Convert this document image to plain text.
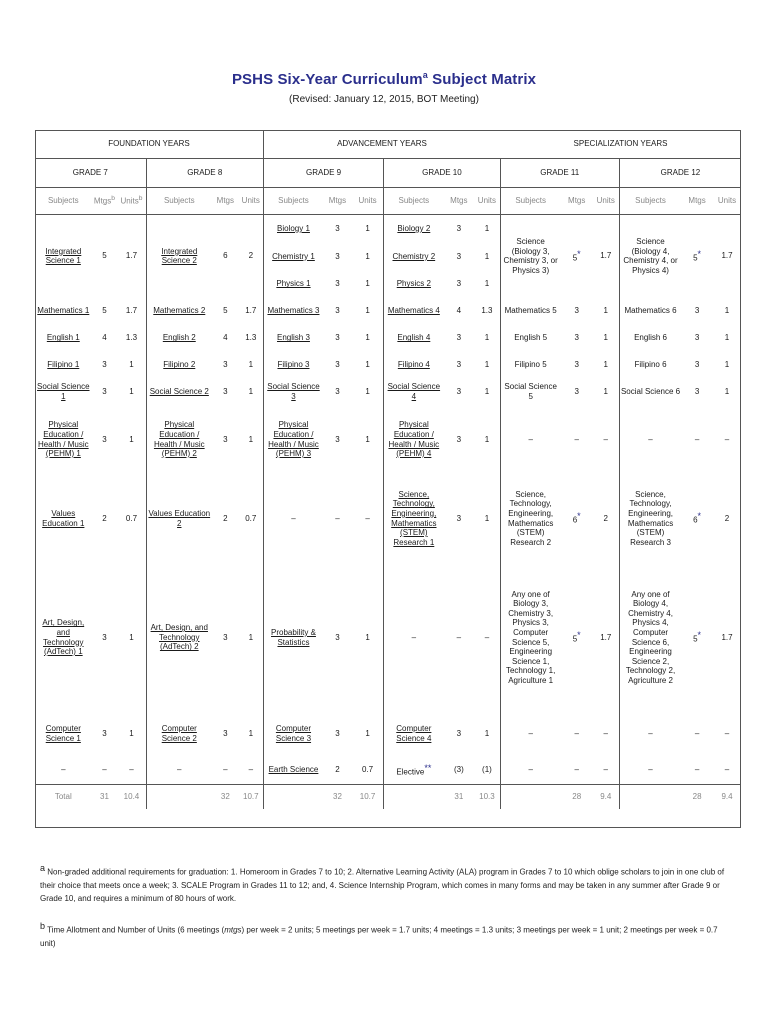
PSHS Six-Year Curriculum$^a$ Subject Matrix
(Revised: January 12, 2015, BOT Meeting)
FOUNDATION YEARS						ADVANCEMENT YEARS						SPECIALIZATION YEARS					
GRADE 7			GRADE 8			GRADE 9			GRADE 10			GRADE 11			GRADE 12		
Subjects	Mtgs$^b$	Units$^b$	Subjects	Mtgs	Units	Subjects	Mtgs	Units	Subjects	Mtgs	Units	Subjects	Mtgs	Units	Subjects	Mtgs	Units
Integrated Science 1	5	1.7	Integrated Science 2	6	2	Biology 1	3	1	Biology 2	3	1	Science (Biology 3, Chemistry 3, or Physics 3)	5*	1.7	Science (Biology 4, Chemistry 4, or Physics 4)	5*	1.7
						Chemistry 1	3	1	Chemistry 2	3	1						
						Physics 1	3	1	Physics 2	3	1						
Mathematics 1	5	1.7	Mathematics 2	5	1.7	Mathematics 3	3	1	Mathematics 4	4	1.3	Mathematics 5	3	1	Mathematics 6	3	1
English 1	4	1.3	English 2	4	1.3	English 3	3	1	English 4	3	1	English 5	3	1	English 6	3	1
Filipino 1	3	1	Filipino 2	3	1	Filipino 3	3	1	Filipino 4	3	1	Filipino 5	3	1	Filipino 6	3	1
Social Science 1	3	1	Social Science 2	3	1	Social Science 3	3	1	Social Science 4	3	1	Social Science 5	3	1	Social Science 6	3	1
Physical Education / Health / Music (PEHM) 1	3	1	Physical Education / Health / Music (PEHM) 2	3	1	Physical Education / Health / Music (PEHM) 3	3	1	Physical Education / Health / Music (PEHM) 4	3	1	–	–	–	–	–	–
Values Education 1	2	0.7	Values Education 2	2	0.7	–	–	–	Science, Technology, Engineering, Mathematics (STEM) Research 1	3	1	Science, Technology, Engineering, Mathematics (STEM) Research 2	6*	2	Science, Technology, Engineering, Mathematics (STEM) Research 3	6*	2
Art, Design, and Technology (AdTech) 1	3	1	Art, Design, and Technology (AdTech) 2	3	1	Probability & Statistics	3	1	–	–	–	Any one of Biology 3, Chemistry 3, Physics 3, Computer Science 5, Engineering Science 1, Technology 1, Agriculture 1	5*	1.7	Any one of Biology 4, Chemistry 4, Physics 4, Computer Science 6, Engineering Science 2, Technology 2, Agriculture 2	5*	1.7
Computer Science 1	3	1	Computer Science 2	3	1	Computer Science 3	3	1	Computer Science 4	3	1	–	–	–	–	–	–
–	–	–	–	–	–	Earth Science	2	0.7	Elective**	(3)	(1)	–	–	–	–	–	–
Total	31	10.4		32	10.7		32	10.7		31	10.3		28	9.4		28	9.4
$^a$ Non-graded additional requirements for graduation: 1. Homeroom in Grades 7 to 10; 2. Alternative Learning Activity (ALA) program in Grades 7 to 10 which oblige scholars to join in one club of their choice that meets once a week; 3. SCALE Program in Grades 11 to 12; and, 4. Science Internship Program, which comes in many forms and may be taken in any summer after Grade 9 or Grade 10, and requires a minimum of 80 hours of work.
$^b$ Time Allotment and Number of Units (6 meetings (mtgs) per week = 2 units; 5 meetings per week = 1.7 units; 4 meetings = 1.3 units; 3 meetings per week = 1 unit; 2 meetings per week = 0.7 unit)
